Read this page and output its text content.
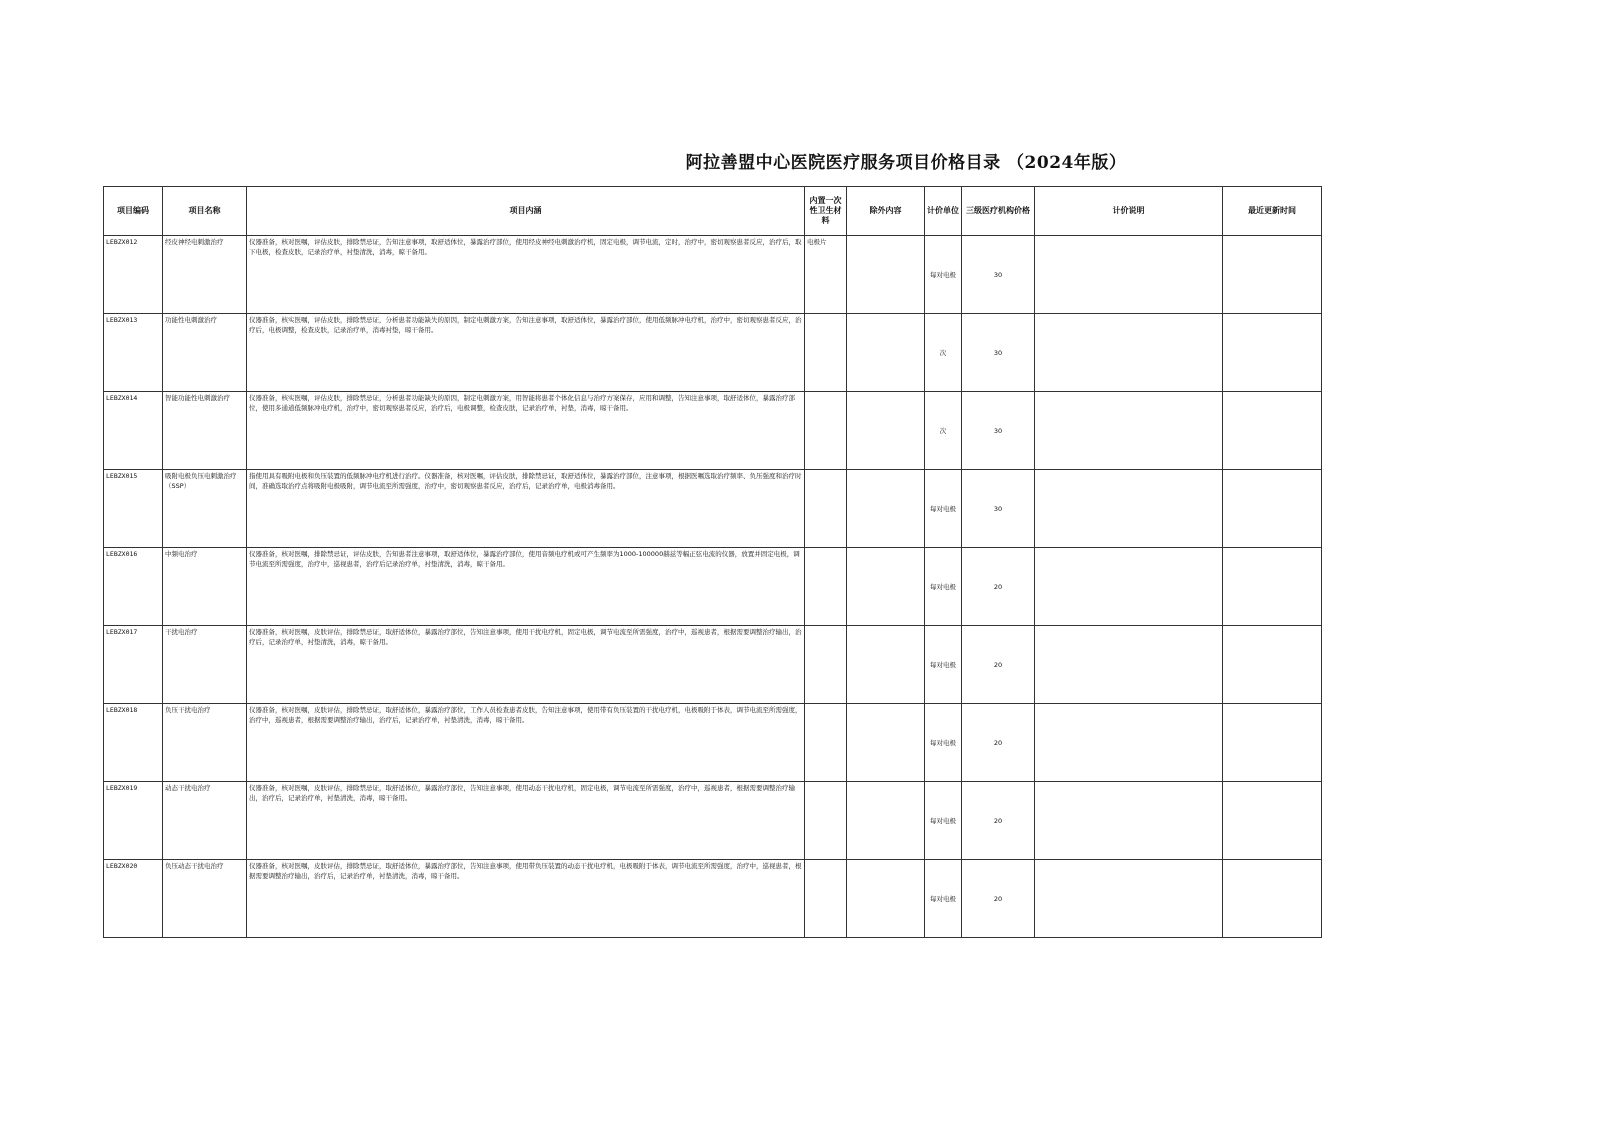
阿拉善盟中心医院医疗服务项目价格目录 （2024年版）
项目编码	项目名称	项目内涵	内置一次性卫生材料	除外内容	计价单位	三级医疗机构价格	计价说明	最近更新时间
LEBZX012	经皮神经电刺激治疗	仪器准备，核对医嘱，评估皮肤，排除禁忌证，告知注意事项，取舒适体位，暴露治疗部位，使用经皮神经电刺激治疗机，固定电极，调节电流，定时，治疗中，密切观察患者反应，治疗后，取下电极，检查皮肤，记录治疗单，衬垫清洗，消毒，晾干备用。	电极片		每对电极	30		
LEBZX013	功能性电刺激治疗	仪器准备，核实医嘱，评估皮肤，排除禁忌证，分析患者功能缺失的原因，制定电刺激方案，告知注意事项，取舒适体位，暴露治疗部位，使用低频脉冲电疗机，治疗中，密切观察患者反应，治疗后，电极调整，检查皮肤，记录治疗单，消毒衬垫，晾干备用。			次	30		
LEBZX014	智能功能性电刺激治疗	仪器准备，核实医嘱，评估皮肤，排除禁忌证，分析患者功能缺失的原因，制定电刺激方案，用智能将患者个体化信息与治疗方案保存，应用和调整，告知注意事项，取舒适体位，暴露治疗部位，使用多通道低频脉冲电疗机，治疗中，密切观察患者反应，治疗后，电极调整，检查皮肤，记录治疗单，衬垫，消毒，晾干备用。			次	30		
LEBZX015	吸附电极负压电刺激治疗（SSP）	指使用具有吸附电极和负压装置的低频脉冲电疗机进行治疗。仪器准备，核对医嘱，评估皮肤，排除禁忌证，取舒适体位，暴露治疗部位，注意事项，根据医嘱选取治疗频率、负压强度和治疗时间，准确选取治疗点将吸附电极吸附，调节电流至所需强度，治疗中，密切观察患者反应，治疗后，记录治疗单，电极消毒备用。			每对电极	30		
LEBZX016	中频电治疗	仪器准备，核对医嘱，排除禁忌证，评估皮肤，告知患者注意事项，取舒适体位，暴露治疗部位，使用音频电疗机或可产生频率为1000-100000赫兹等幅正弦电流的仪器，放置并固定电极，调节电流至所需强度，治疗中，巡视患者，治疗后记录治疗单，衬垫清洗，消毒，晾干备用。			每对电极	20		
LEBZX017	干扰电治疗	仪器准备，核对医嘱，皮肤评估，排除禁忌证，取舒适体位，暴露治疗部位，告知注意事项，使用干扰电疗机，固定电极，调节电流至所需强度，治疗中，巡视患者，根据需要调整治疗输出，治疗后，记录治疗单，衬垫清洗，消毒，晾干备用。			每对电极	20		
LEBZX018	负压干扰电治疗	仪器准备，核对医嘱，皮肤评估，排除禁忌证，取舒适体位，暴露治疗部位，工作人员检查患者皮肤，告知注意事项，使用带有负压装置的干扰电疗机，电极吸附于体表，调节电流至所需强度，治疗中，巡视患者，根据需要调整治疗输出，治疗后，记录治疗单，衬垫清洗，消毒，晾干备用。			每对电极	20		
LEBZX019	动态干扰电治疗	仪器准备，核对医嘱，皮肤评估，排除禁忌证，取舒适体位，暴露治疗部位，告知注意事项，使用动态干扰电疗机，固定电极，调节电流至所需强度，治疗中，巡视患者，根据需要调整治疗输出，治疗后，记录治疗单，衬垫清洗，消毒，晾干备用。			每对电极	20		
LEBZX020	负压动态干扰电治疗	仪器准备，核对医嘱，皮肤评估，排除禁忌证，取舒适体位，暴露治疗部位，告知注意事项，使用带负压装置的动态干扰电疗机，电极吸附于体表，调节电流至所需强度，治疗中，巡视患者，根据需要调整治疗输出，治疗后，记录治疗单，衬垫清洗，消毒，晾干备用。			每对电极	20		
